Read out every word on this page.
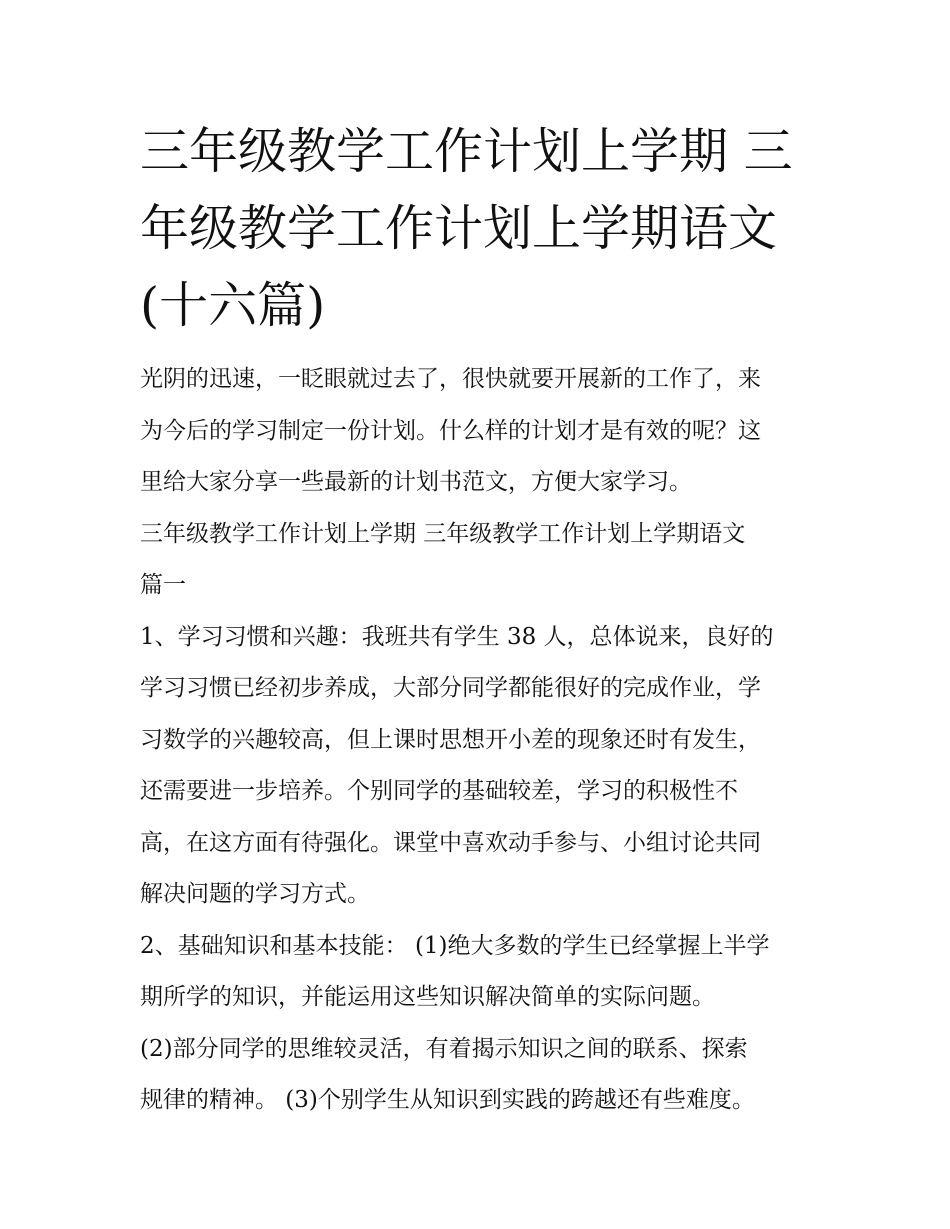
三年级教学工作计划上学期 三
年级教学工作计划上学期语文
(十六篇)
光阴的迅速，一眨眼就过去了，很快就要开展新的工作了，来
为今后的学习制定一份计划。什么样的计划才是有效的呢？这
里给大家分享一些最新的计划书范文，方便大家学习。
三年级教学工作计划上学期 三年级教学工作计划上学期语文
篇一
1、学习习惯和兴趣：我班共有学生 38 人，总体说来，良好的
学习习惯已经初步养成，大部分同学都能很好的完成作业，学
习数学的兴趣较高，但上课时思想开小差的现象还时有发生，
还需要进一步培养。个别同学的基础较差，学习的积极性不
高，在这方面有待强化。课堂中喜欢动手参与、小组讨论共同
解决问题的学习方式。
2、基础知识和基本技能： (1)绝大多数的学生已经掌握上半学
期所学的知识，并能运用这些知识解决简单的实际问题。
(2)部分同学的思维较灵活，有着揭示知识之间的联系、探索
规律的精神。 (3)个别学生从知识到实践的跨越还有些难度。
